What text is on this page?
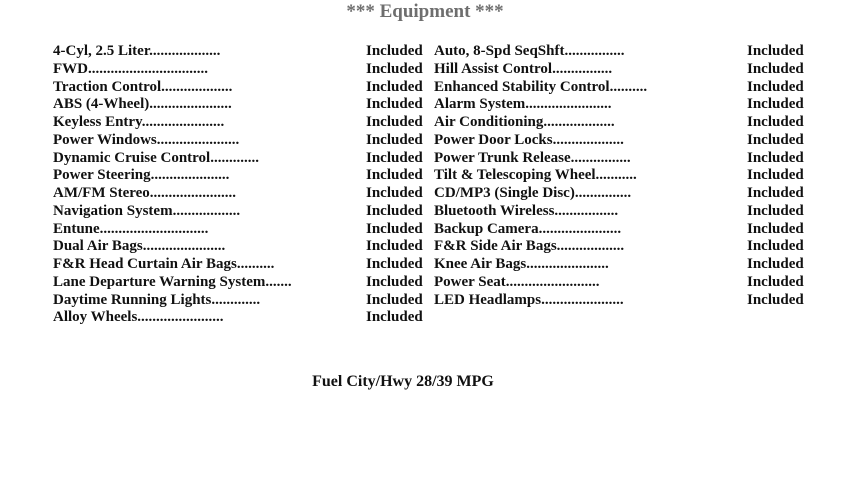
*** Equipment ***
4-Cyl, 2.5 Liter...................	Included
FWD................................	Included
Traction Control...................	Included
ABS (4-Wheel)......................	Included
Keyless Entry......................	Included
Power Windows......................	Included
Dynamic Cruise Control.............	Included
Power Steering.....................	Included
AM/FM Stereo.......................	Included
Navigation System..................	Included
Entune.............................	Included
Dual Air Bags......................	Included
F&R Head Curtain Air Bags..........	Included
Lane Departure Warning System.......	Included
Daytime Running Lights.............	Included
Alloy Wheels.......................	Included
Auto, 8-Spd SeqShft................	Included
Hill Assist Control................	Included
Enhanced Stability Control..........	Included
Alarm System.......................	Included
Air Conditioning...................	Included
Power Door Locks...................	Included
Power Trunk Release................	Included
Tilt & Telescoping Wheel...........	Included
CD/MP3 (Single Disc)...............	Included
Bluetooth Wireless.................	Included
Backup Camera......................	Included
F&R Side Air Bags..................	Included
Knee Air Bags......................	Included
Power Seat.........................	Included
LED Headlamps......................	Included
Fuel City/Hwy 28/39 MPG
